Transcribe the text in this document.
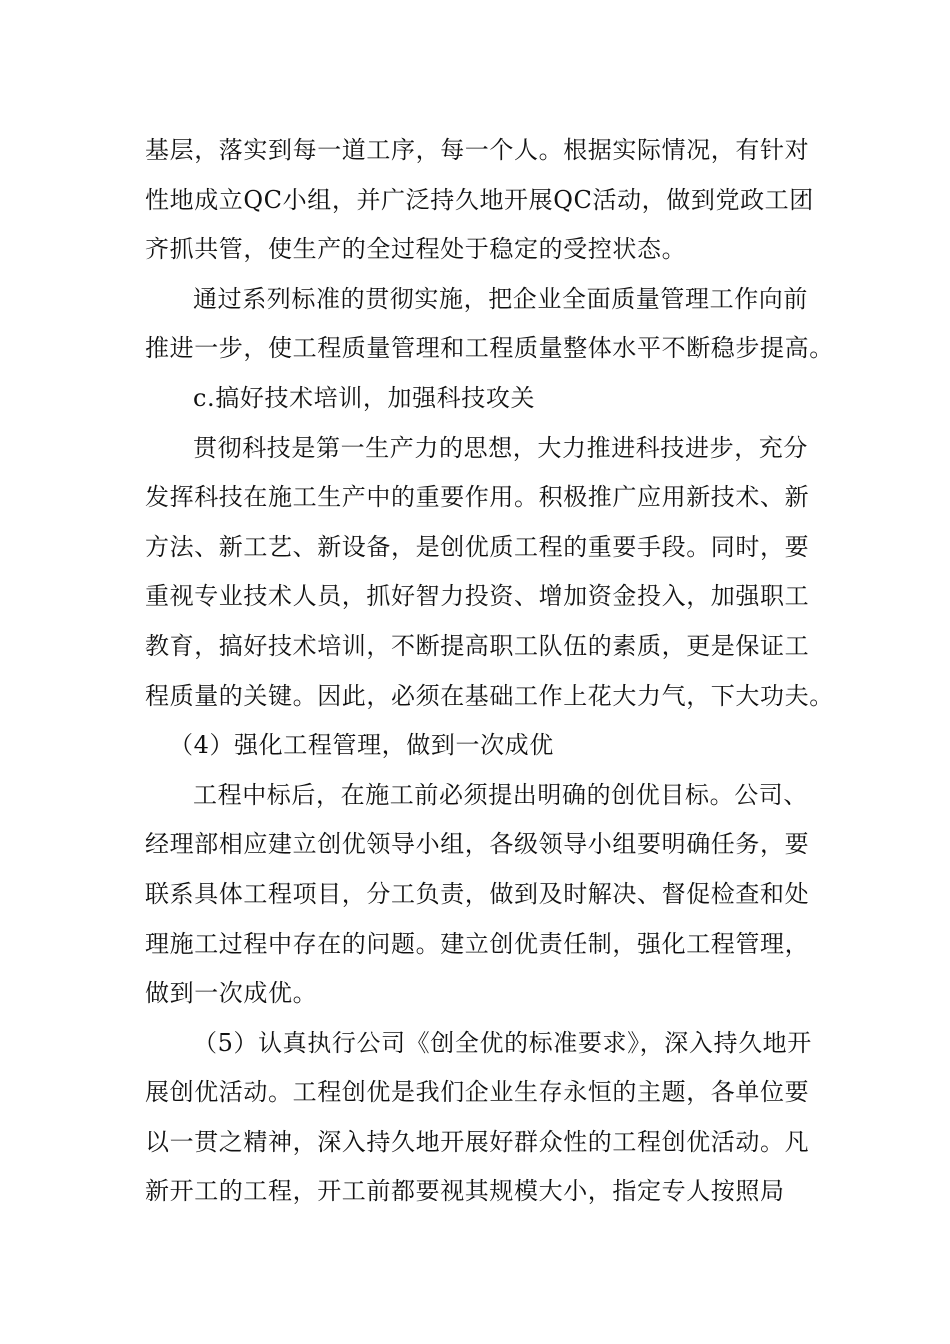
基层，落实到每一道工序，每一个人。根据实际情况，有针对
性地成立QC小组，并广泛持久地开展QC活动，做到党政工团
齐抓共管，使生产的全过程处于稳定的受控状态。
通过系列标准的贯彻实施，把企业全面质量管理工作向前
推进一步，使工程质量管理和工程质量整体水平不断稳步提高。
c.搞好技术培训，加强科技攻关
贯彻科技是第一生产力的思想，大力推进科技进步，充分
发挥科技在施工生产中的重要作用。积极推广应用新技术、新
方法、新工艺、新设备，是创优质工程的重要手段。同时，要
重视专业技术人员，抓好智力投资、增加资金投入，加强职工
教育，搞好技术培训，不断提高职工队伍的素质，更是保证工
程质量的关键。因此，必须在基础工作上花大力气，下大功夫。
（4）强化工程管理，做到一次成优
工程中标后，在施工前必须提出明确的创优目标。公司、
经理部相应建立创优领导小组，各级领导小组要明确任务，要
联系具体工程项目，分工负责，做到及时解决、督促检查和处
理施工过程中存在的问题。建立创优责任制，强化工程管理，
做到一次成优。
（5）认真执行公司《创全优的标准要求》，深入持久地开
展创优活动。工程创优是我们企业生存永恒的主题，各单位要
以一贯之精神，深入持久地开展好群众性的工程创优活动。凡
新开工的工程，开工前都要视其规模大小，指定专人按照局
